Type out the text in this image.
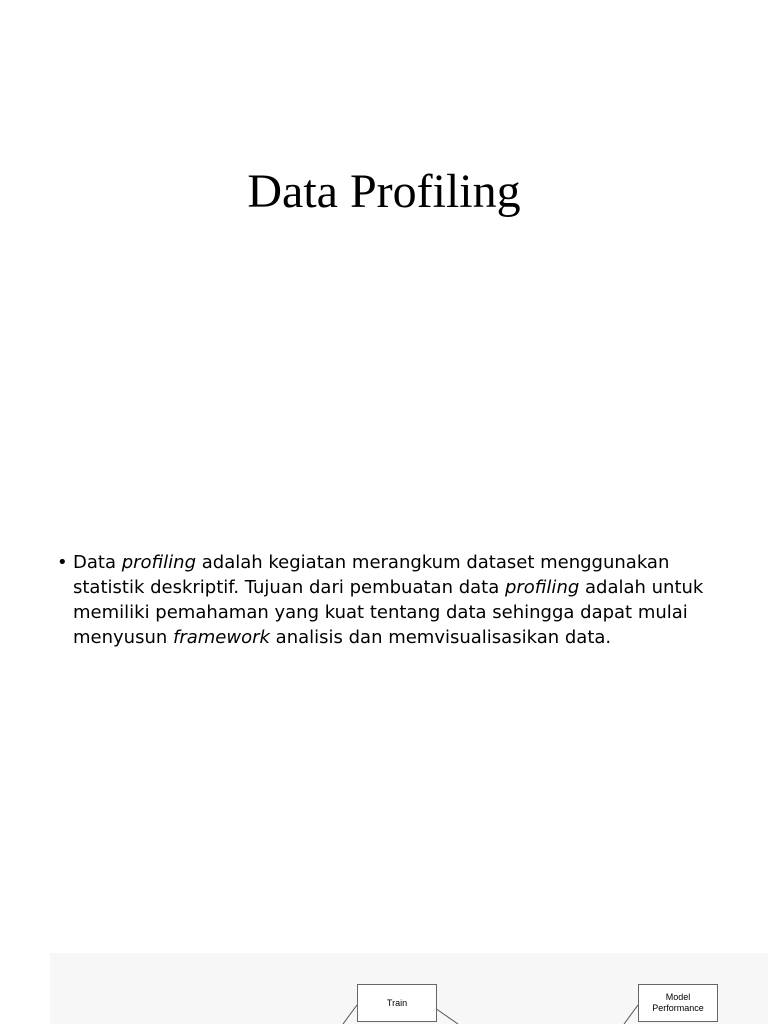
Data Profiling
• Data profiling adalah kegiatan merangkum dataset menggunakan statistik deskriptif. Tujuan dari pembuatan data profiling adalah untuk memiliki pemahaman yang kuat tentang data sehingga dapat mulai menyusun framework analisis dan memvisualisasikan data.
Train
Model
Performance
